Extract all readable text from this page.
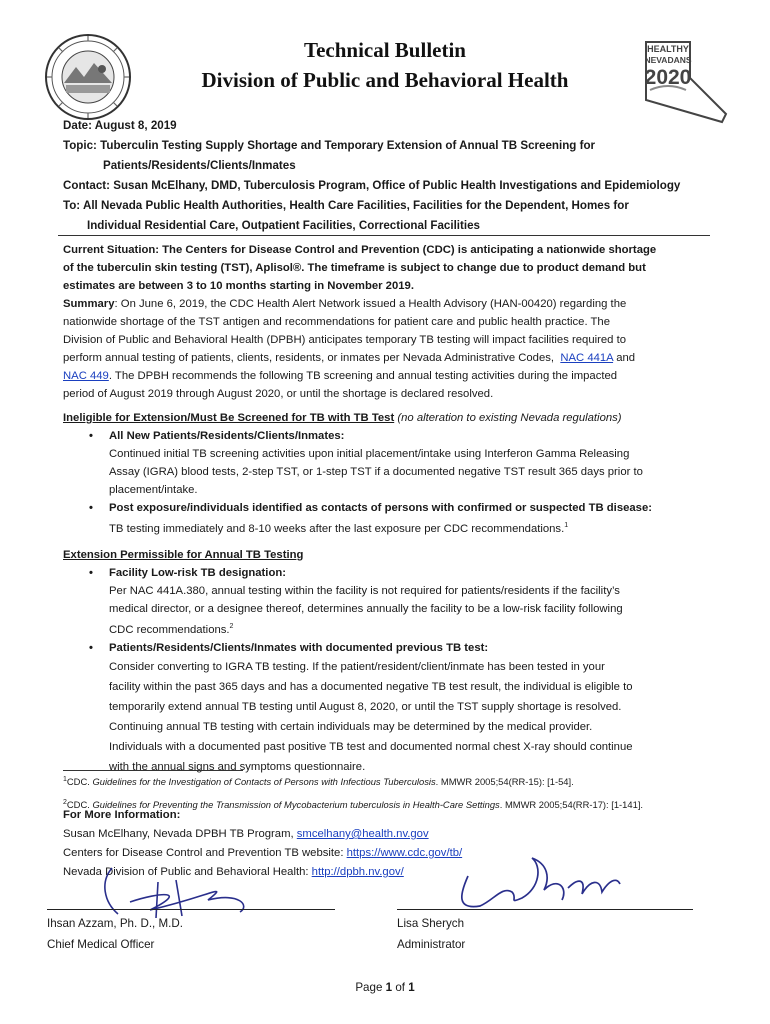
HEALTHY
NEVADANS
2020
Technical Bulletin
Division of Public and Behavioral Health
Date: August 8, 2019
Topic: Tuberculin Testing Supply Shortage and Temporary Extension of Annual TB Screening for
Patients/Residents/Clients/Inmates
Contact: Susan McElhany, DMD, Tuberculosis Program, Office of Public Health Investigations and Epidemiology
To: All Nevada Public Health Authorities, Health Care Facilities, Facilities for the Dependent, Homes for
Individual Residential Care, Outpatient Facilities, Correctional Facilities
Current Situation: The Centers for Disease Control and Prevention (CDC) is anticipating a nationwide shortage
of the tuberculin skin testing (TST), Aplisol®. The timeframe is subject to change due to product demand but
estimates are between 3 to 10 months starting in November 2019.
Summary: On June 6, 2019, the CDC Health Alert Network issued a Health Advisory (HAN-00420) regarding the
nationwide shortage of the TST antigen and recommendations for patient care and public health practice. The
Division of Public and Behavioral Health (DPBH) anticipates temporary TB testing will impact facilities required to
perform annual testing of patients, clients, residents, or inmates per Nevada Administrative Codes, NAC 441A and
NAC 449. The DPBH recommends the following TB screening and annual testing activities during the impacted
period of August 2019 through August 2020, or until the shortage is declared resolved.
Ineligible for Extension/Must Be Screened for TB with TB Test (no alteration to existing Nevada regulations)
• All New Patients/Residents/Clients/Inmates:
Continued initial TB screening activities upon initial placement/intake using Interferon Gamma Releasing
Assay (IGRA) blood tests, 2-step TST, or 1-step TST if a documented negative TST result 365 days prior to
placement/intake.
• Post exposure/individuals identified as contacts of persons with confirmed or suspected TB disease:
TB testing immediately and 8-10 weeks after the last exposure per CDC recommendations.$^1$
Extension Permissible for Annual TB Testing
• Facility Low-risk TB designation:
Per NAC 441A.380, annual testing within the facility is not required for patients/residents if the facility’s
medical director, or a designee thereof, determines annually the facility to be a low-risk facility following
CDC recommendations.$^2$
• Patients/Residents/Clients/Inmates with documented previous TB test:
Consider converting to IGRA TB testing. If the patient/resident/client/inmate has been tested in your
facility within the past 365 days and has a documented negative TB test result, the individual is eligible to
temporarily extend annual TB testing until August 8, 2020, or until the TST supply shortage is resolved.
Continuing annual TB testing with certain individuals may be determined by the medical provider.
Individuals with a documented past positive TB test and documented normal chest X-ray should continue
with the annual signs and symptoms questionnaire.
$^1$CDC. Guidelines for the Investigation of Contacts of Persons with Infectious Tuberculosis. MMWR 2005;54(RR-15): [1-54].
$^2$CDC. Guidelines for Preventing the Transmission of Mycobacterium tuberculosis in Health-Care Settings. MMWR 2005;54(RR-17): [1-141].
For More Information:
Susan McElhany, Nevada DPBH TB Program, smcelhany@health.nv.gov
Centers for Disease Control and Prevention TB website: https://www.cdc.gov/tb/
Nevada Division of Public and Behavioral Health: http://dpbh.nv.gov/
Ihsan Azzam, Ph. D., M.D.
Chief Medical Officer
Lisa Sherych
Administrator
Page 1 of 1
